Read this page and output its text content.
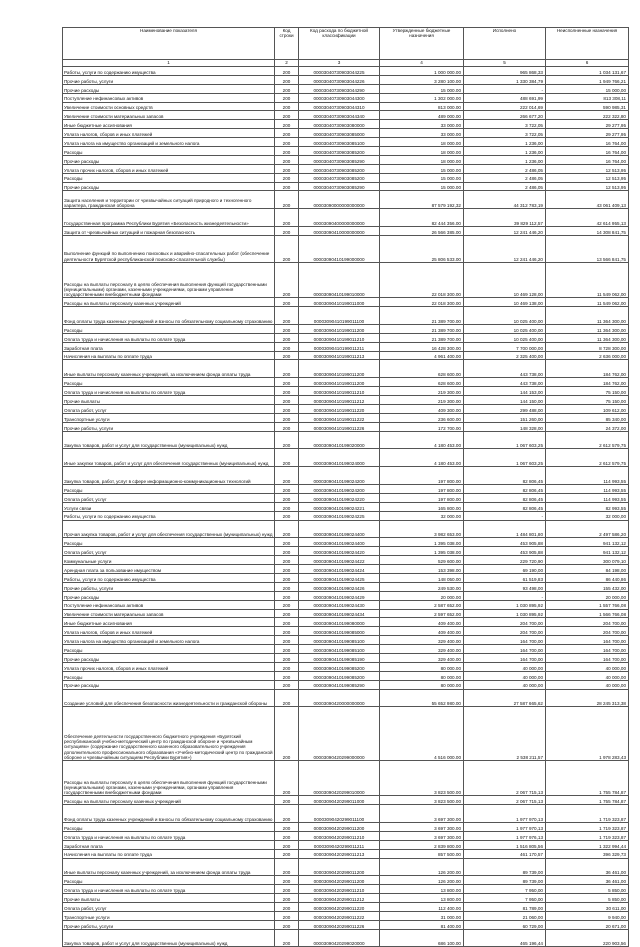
Наименование показателя	Код строки	Код расхода по бюджетной классификации	Утвержденные бюджетные назначения	Исполнено	Неисполненные назначения
1	2	3	4	5	6
Работы, услуги по содержанию имущества	200	00003040730903044225	1 000 000.00	965 868,33	1 034 131,67
Прочие работы, услуги	200	00003040730903044226	3 280 100.00	1 330 384,79	1 949 766,21
Прочие расходы	200	00003040730903044290	15 000.00	-	15 000,00
Поступление нефинансовых активов	200	00003040730903044300	1 302 000.00	488 691,99	813 308,11
Увеличение стоимости основных средств	200	00003040730903044310	813 000.00	222 014,69	590 985,31
Увеличение стоимости материальных запасов	200	00003040730903044340	489 000.00	266 677,20	222 322,80
Иные бюджетные ассигнования	200	00003040730903080000	33 000.00	3 722,05	29 277,95
Уплата налогов, сборов и иных платежей	200	00003040730903085000	33 000.00	3 722,05	29 277,95
Уплата налога на имущество организаций и земельного налога	200	00003040730903085100	18 000.00	1 236,00	16 764,00
Расходы	200	00003040730903085200	18 000.00	1 236,00	16 764,00
Прочие расходы	200	00003040730903085290	18 000.00	1 236,00	16 764,00
Уплата прочих налогов, сборов и иных платежей	200	00003040730903085200	15 000.00	2 486,05	12 513,95
Расходы	200	00003040730903085200	15 000.00	2 486,05	12 513,95
Прочие расходы	200	00003040730903085290	15 000.00	2 486,05	12 513,95
Защита населения и территории от чрезвычайных ситуаций природного и техногенного характера, гражданская оборона	200	00003090000000000000	87 579 192,32	44 312 783,19	43 061 409,13
Государственная программа Республики Бурятия «Безопасность жизнедеятельности»	200	00003090400000000000	82 444 356.00	39 829 112,57	42 614 955,13
Защита от чрезвычайных ситуаций и пожарная безопасность	200	00003090410000000000	26 566 385.00	12 241 446,20	14 308 841,75
Выполнение функций по выполнению поисковых и аварийно-спасательных работ (обеспечение деятельности Бурятской республиканской поисково-спасательной службы)	200	00003090410199000000	25 806 533.00	12 241 446,20	13 566 841,75
Расходы на выплаты персоналу в целях обеспечения выполнения функций государственными (муниципальными) органами, казенными учреждениями, органами управления государственными внебюджетными фондами	200	00003090410199010000	22 018 300.00	10 469 128,00	11 549 062,00
Расходы на выплаты персоналу казенных учреждений	200	00003090410199011000	22 018 300.00	10 469 138,00	11 549 062,00
Фонд оплаты труда казенных учреждений и взносы по обязательному социальному страхованию	200	00003090410199011100	21 389 700.00	10 025 400,00	11 364 300,00
Расходы	200	00003090410199011200	21 389 700.00	10 025 400,00	11 364 300,00
Оплата труда и начисления на выплаты по оплате труда	200	00003090410199011210	21 389 700.00	10 025 400,00	11 364 300,00
Заработная плата	200	00003090410199011211	16 428 300.00	7 700 000,00	8 728 300,00
Начисления на выплаты по оплате труда	200	00003090410199011213	4 961 400.00	2 325 400,00	2 636 000,00
Иные выплаты персоналу казенных учреждений, за исключением фонда оплаты труда	200	00003090410199011200	628 600.00	443 738,00	184 762,00
Расходы	200	00003090410199011200	628 600.00	443 738,00	184 762,00
Оплата труда и начисления на выплаты по оплате труда	200	00003090410199011210	219 300.00	144 153,00	75 150,00
Прочие выплаты	200	00003090410199011212	219 300.00	144 150,00	75 150,00
Оплата работ, услуг	200	00003090410199011220	409 300.00	299 488,00	109 612,00
Транспортные услуги	200	00003090410199011222	236 600.00	151 260,00	85 340,00
Прочие работы, услуги	200	00003090410199011226	172 700.00	148 328,00	24 372,00
Закупка товаров, работ и услуг для государственных (муниципальных) нужд	200	00003090410199020000	4 180 453.00	1 067 603,25	2 612 579,75
Иные закупки товаров, работ и услуг для обеспечения государственных (муниципальных) нужд	200	00003090410199024000	4 180 453.00	1 067 603,25	2 612 579,75
Закупка товаров, работ, услуг в сфере информационно-коммуникационных технологий	200	00003090410199024200	197 800.00	82 806,45	114 993,55
Расходы	200	00003090410199024200	197 800.00	82 806,45	114 993,55
Оплата работ, услуг	200	00003090410199024220	197 800.00	82 806,45	114 993,55
Услуги связи	200	00003090410199024221	165 800.00	82 806,45	82 993,55
Работы, услуги по содержанию имущества	200	00003090410199024225	32 000.00	-	32 000,00
Прочая закупка товаров, работ и услуг для обеспечения государственных (муниципальных) нужд	200	00003090410199024400	3 982 653.00	1 484 801,80	2 497 586,20
Расходы	200	00003090410199024400	1 395 038.00	453 905,88	941 132,12
Оплата работ, услуг	200	00003090410199024420	1 395 038.00	453 905,88	941 132,12
Коммунальные услуги	200	00003090410199024422	529 600.00	229 720,90	300 079,10
Арендная плата за пользование имуществом	200	00003090410199024424	153 398.00	69 190,00	84 198,00
Работы, услуги по содержанию имущества	200	00003090410199024425	148 050.00	61 519,83	86 440,86
Прочие работы, услуги	200	00003090410199024426	249 530.00	93 498,00	155 432,00
Прочие расходы	200	00003090410199024429	20 000.00	-	20 000,00
Поступление нефинансовых активов	200	00003090410199024430	2 587 652.00	1 030 895,92	1 557 766,08
Увеличение стоимости материальных запасов	200	00003090410199024434	2 597 652.00	1 030 895,92	1 566 766,08
Иные бюджетные ассигнования	200	00003090410199080000	409 400.00	204 700,00	204 700,00
Уплата налогов, сборов и иных платежей	200	00003090410199085000	409 400.00	204 700,00	204 700,00
Уплата налога на имущество организаций и земельного налога	200	00003090410199085100	329 400.00	164 700,00	164 700,00
Расходы	200	00003090410199085100	329 400.00	164 700,00	164 700,00
Прочие расходы	200	00003090410199085190	329 400.00	164 700,00	164 700,00
Уплата прочих налогов, сборов и иных платежей	200	00003090410199085200	80 000.00	40 000,00	40 000,00
Расходы	200	00003090410199085200	80 000.00	40 000,00	40 000,00
Прочие расходы	200	00003090410199085290	80 000.00	40 000,00	40 000,00
Создание условий для обеспечения безопасности жизнедеятельности и гражданской обороны	200	00003090420000000000	55 652 980.00	27 587 665,62	28 245 313,38
Обеспечение деятельности государственного бюджетного учреждения «Бурятский республиканский учебно-методический центр по гражданской обороне и чрезвычайным ситуациям» (содержание государственного казенного образовательного учреждения дополнительного профессионального образования «Учебно-методический центр по гражданской обороне и чрезвычайным ситуациям Республики Бурятия»)	200	00003090420299000000	4 516 000.00	2 538 211,57	1 978 283,43
Расходы на выплаты персоналу в целях обеспечения выполнения функций государственными (муниципальными) органами, казенными учреждениями, органами управления государственными внебюджетными фондами	200	00003090420299010000	3 823 500.00	2 067 715,13	1 755 784,87
Расходы на выплаты персоналу казенных учреждений	200	00003090420299011000	3 823 500.00	2 067 715,13	1 755 784,87
Фонд оплаты труда казенных учреждений и взносы по обязательному социальному страхованию	200	00003090420299011100	3 697 300.00	1 977 970,13	1 719 323,87
Расходы	200	00003090420299011200	3 697 300.00	1 977 970,13	1 719 323,87
Оплата труда и начисления на выплаты по оплате труда	200	00003090420299011210	3 697 300.00	1 977 976,13	1 719 323,87
Заработная плата	200	00003090420299011211	2 839 800.00	1 516 805,56	1 322 994,44
Начисления на выплаты по оплате труда	200	00003090420299011213	857 500.00	461 170,57	396 329,73
Иные выплаты персоналу казенных учреждений, за исключением фонда оплаты труда	200	00003090420299011200	126 200.00	89 739,00	36 461,00
Расходы	200	00003090420299011200	126 200.00	89 739,00	36 461,00
Оплата труда и начисления на выплаты по оплате труда	200	00003090420299011210	13 800.00	7 950,00	5 850,00
Прочие выплаты	200	00003090420299011212	13 800.00	7 950,00	5 850,00
Оплата работ, услуг	200	00003090420299011220	112 400.00	81 789,00	30 611,00
Транспортные услуги	200	00003090420299011222	31 000.00	21 060,00	9 940,00
Прочие работы, услуги	200	00003090420299011226	81 400.00	60 729,00	20 671,00
Закупка товаров, работ и услуг для государственных (муниципальных) нужд	200	00003090420299020000	686 100.00	465 196,44	220 903,56
